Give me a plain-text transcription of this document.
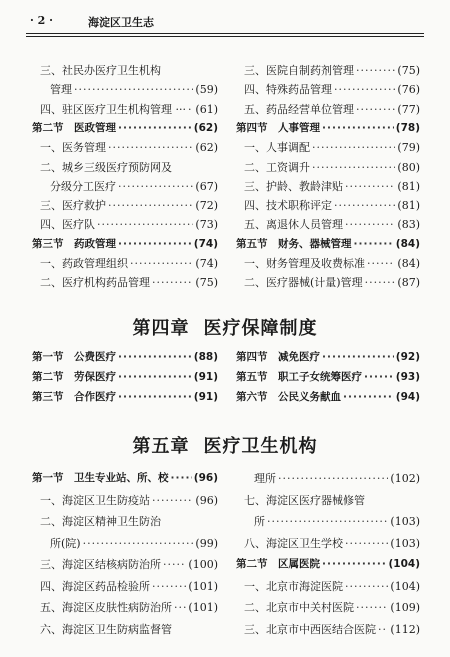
· 2 ·	海淀区卫生志
三、社民办医疗卫生机构
管理 ·····	(59)
四、驻区医疗卫生机构管理 ··· ····· (61)
第二节　医政管理 ·····	(62)
一、医务管理 ·····	(62)
二、城乡三级医疗预防网及
分级分工医疗 ·····	(67)
三、医疗救护 ·····	(72)
四、医疗队 ·····	(73)
第三节　药政管理 ·····	(74)
一、药政管理组织 ·····	(74)
二、医疗机构药品管理 ·····	(75)
三、医院自制药剂管理 ·····	(75)
四、特殊药品管理 ·····	(76)
五、药品经营单位管理 ·····	(77)
第四节　人事管理 ·····	(78)
一、人事调配 ·····	(79)
二、工资调升 ·····	(80)
三、护龄、教龄津贴 ·····	(81)
四、技术职称评定 ·····	(81)
五、离退休人员管理 ·····	(83)
第五节　财务、器械管理 ·····	(84)
一、财务管理及收费标准 ·····	(84)
二、医疗器械(计量)管理 ·····	(87)
第四章 医疗保障制度
第一节　公费医疗 ·····	(88)
第二节　劳保医疗 ·····	(91)
第三节　合作医疗 ·····	(91)
第四节　减免医疗 ·····	(92)
第五节　职工子女统筹医疗 ·····	(93)
第六节　公民义务献血 ·····	(94)
第五章 医疗卫生机构
第一节　卫生专业站、所、校 ····· (96)
一、海淀区卫生防疫站 ·····	(96)
二、海淀区精神卫生防治
所(院) ·····	(99)
三、海淀区结核病防治所 ····· (100)
四、海淀区药品检验所 ·····	(101)
五、海淀区皮肤性病防治所 ····· (101)
六、海淀区卫生防病监督管
理所 ·····	(102)
七、海淀区医疗器械修管
所 ·····	(103)
八、海淀区卫生学校 ·····	(103)
第二节　区属医院 ·····	(104)
一、北京市海淀医院 ·····	(104)
二、北京市中关村医院 ·····	(109)
三、北京市中西医结合医院 ····· (112)
